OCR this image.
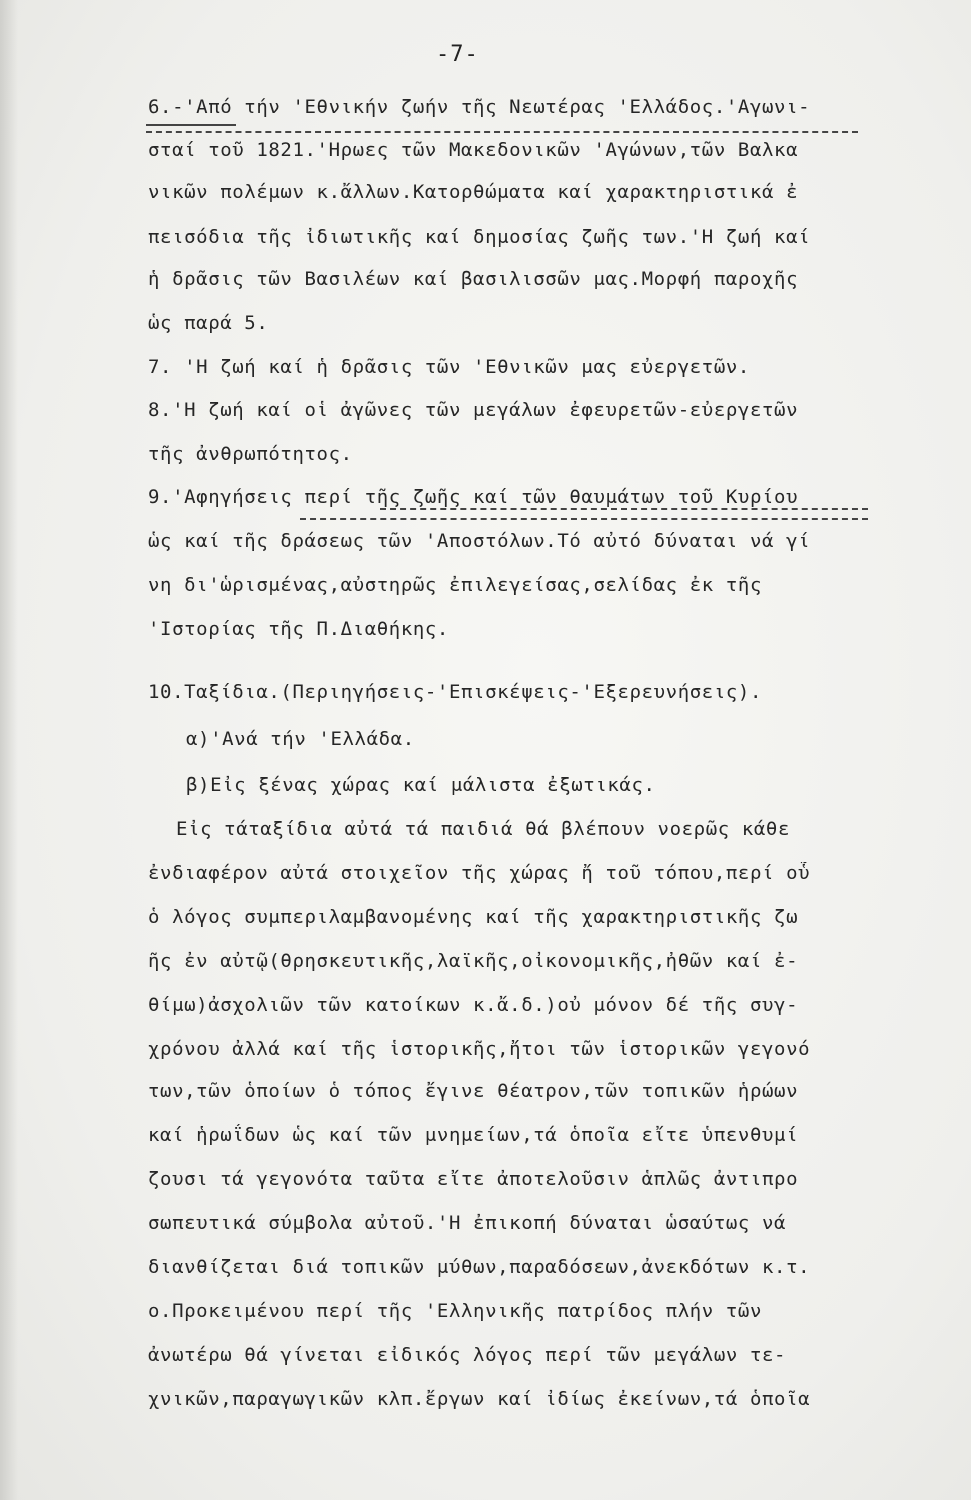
-7-
6.-'Από τήν 'Εθνικήν ζωήν τῆς Νεωτέρας 'Ελλάδος.'Αγωνι-
σταί τοῦ 1821.'Ηρωες τῶν Μακεδονικῶν 'Αγώνων,τῶν Βαλκα
νικῶν πολέμων κ.ἄλλων.Κατορθώματα καί χαρακτηριστικά ἐ
πεισόδια τῆς ἰδιωτικῆς καί δημοσίας ζωῆς των.'Η ζωή καί
ἡ δρᾶσις τῶν Βασιλέων καί βασιλισσῶν μας.Μορφή παροχῆς
ὡς παρά 5.
7. 'Η ζωή καί ἡ δρᾶσις τῶν 'Εθνικῶν μας εὐεργετῶν.
8.'Η ζωή καί οἱ ἀγῶνες τῶν μεγάλων ἐφευρετῶν-εὐεργετῶν
τῆς ἀνθρωπότητος.
9.'Αφηγήσεις περί τῆς ζωῆς καί τῶν θαυμάτων τοῦ Κυρίου
ὡς καί τῆς δράσεως τῶν 'Αποστόλων.Τό αὐτό δύναται νά γί
νη δι'ὡρισμένας,αὐστηρῶς ἐπιλεγείσας,σελίδας ἐκ τῆς
'Ιστορίας τῆς Π.Διαθήκης.
10.Ταξίδια.(Περιηγήσεις-'Επισκέψεις-'Εξερευνήσεις).
α)'Ανά τήν 'Ελλάδα.
β)Εἰς ξένας χώρας καί μάλιστα ἐξωτικάς.
Εἰς τάταξίδια αὐτά τά παιδιά θά βλέπουν νοερῶς κάθε
ἐνδιαφέρον αὐτά στοιχεῖον τῆς χώρας ἤ τοῦ τόπου,περί οὗ
ὁ λόγος συμπεριλαμβανομένης καί τῆς χαρακτηριστικῆς ζω
ῆς ἐν αὐτῷ(θρησκευτικῆς,λαϊκῆς,οἰκονομικῆς,ἠθῶν καί ἐ-
θίμω)ἀσχολιῶν τῶν κατοίκων κ.ἄ.δ.)οὐ μόνον δέ τῆς συγ-
χρόνου ἀλλά καί τῆς ἱστορικῆς,ἤτοι τῶν ἱστορικῶν γεγονό
των,τῶν ὁποίων ὁ τόπος ἔγινε θέατρον,τῶν τοπικῶν ἡρώων
καί ἡρωΐδων ὡς καί τῶν μνημείων,τά ὁποῖα εἴτε ὑπενθυμί
ζουσι τά γεγονότα ταῦτα εἴτε ἀποτελοῦσιν ἁπλῶς ἀντιπρο
σωπευτικά σύμβολα αὐτοῦ.'Η ἐπικοπή δύναται ὡσαύτως νά
διανθίζεται διά τοπικῶν μύθων,παραδόσεων,ἀνεκδότων κ.τ.
ο.Προκειμένου περί τῆς 'Ελληνικῆς πατρίδος πλήν τῶν
ἀνωτέρω θά γίνεται εἰδικός λόγος περί τῶν μεγάλων τε-
χνικῶν,παραγωγικῶν κλπ.ἔργων καί ἰδίως ἐκείνων,τά ὁποῖα
